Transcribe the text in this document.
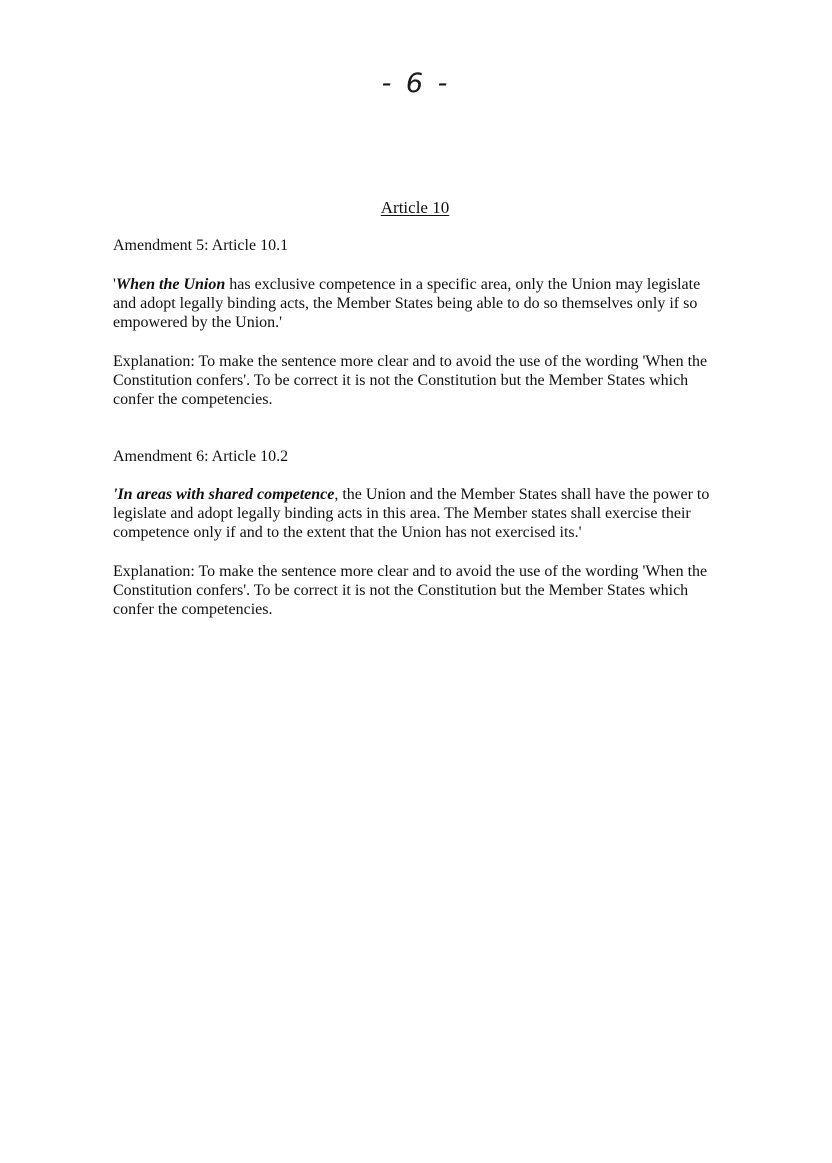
- 6 -
Article 10
Amendment 5: Article 10.1
'When the Union has exclusive competence in a specific area, only the Union may legislate and adopt legally binding acts, the Member States being able to do so themselves only if so empowered by the Union.'
Explanation: To make the sentence more clear and to avoid the use of the wording 'When the Constitution confers'. To be correct it is not the Constitution but the Member States which confer the competencies.
Amendment 6: Article 10.2
'In areas with shared competence, the Union and the Member States shall have the power to legislate and adopt legally binding acts in this area. The Member states shall exercise their competence only if and to the extent that the Union has not exercised its.'
Explanation: To make the sentence more clear and to avoid the use of the wording 'When the Constitution confers'. To be correct it is not the Constitution but the Member States which confer the competencies.
